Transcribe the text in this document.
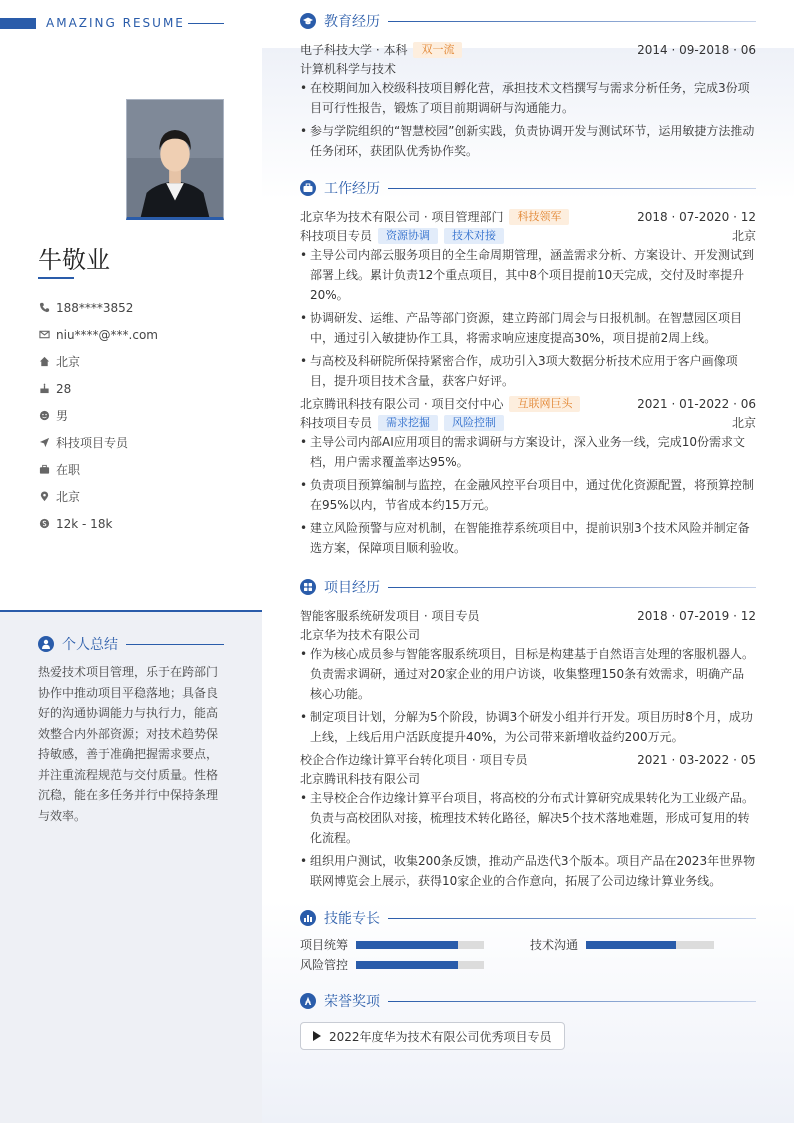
AMAZING RESUME
牛敬业
188****3852
niu****@***.com
北京
28
男
科技项目专员
在职
北京
12k - 18k
个人总结
热爱技术项目管理，乐于在跨部门协作中推动项目平稳落地；具备良好的沟通协调能力与执行力，能高效整合内外部资源；对技术趋势保持敏感，善于准确把握需求要点，并注重流程规范与交付质量。性格沉稳，能在多任务并行中保持条理与效率。
教育经历
电子科技大学 · 本科	双一流	2014 · 09-2018 · 06
计算机科学与技术
• 在校期间加入校级科技项目孵化营，承担技术文档撰写与需求分析任务，完成3份项目可行性报告，锻炼了项目前期调研与沟通能力。
• 参与学院组织的“智慧校园”创新实践，负责协调开发与测试环节，运用敏捷方法推动任务闭环，获团队优秀协作奖。
工作经历
北京华为技术有限公司 · 项目管理部门	科技领军	2018 · 07-2020 · 12
科技项目专员	资源协调	技术对接	北京
• 主导公司内部云服务项目的全生命周期管理，涵盖需求分析、方案设计、开发测试到部署上线。累计负责12个重点项目，其中8个项目提前10天完成，交付及时率提升20%。
• 协调研发、运维、产品等部门资源，建立跨部门周会与日报机制。在智慧园区项目中，通过引入敏捷协作工具，将需求响应速度提高30%，项目提前2周上线。
• 与高校及科研院所保持紧密合作，成功引入3项大数据分析技术应用于客户画像项目，提升项目技术含量，获客户好评。
北京腾讯科技有限公司 · 项目交付中心	互联网巨头	2021 · 01-2022 · 06
科技项目专员	需求挖掘	风险控制	北京
• 主导公司内部AI应用项目的需求调研与方案设计，深入业务一线，完成10份需求文档，用户需求覆盖率达95%。
• 负责项目预算编制与监控，在金融风控平台项目中，通过优化资源配置，将预算控制在95%以内，节省成本约15万元。
• 建立风险预警与应对机制，在智能推荐系统项目中，提前识别3个技术风险并制定备选方案，保障项目顺利验收。
项目经历
智能客服系统研发项目 · 项目专员	2018 · 07-2019 · 12
北京华为技术有限公司
• 作为核心成员参与智能客服系统项目，目标是构建基于自然语言处理的客服机器人。负责需求调研，通过对20家企业的用户访谈，收集整理150条有效需求，明确产品核心功能。
• 制定项目计划，分解为5个阶段，协调3个研发小组并行开发。项目历时8个月，成功上线，上线后用户活跃度提升40%，为公司带来新增收益约200万元。
校企合作边缘计算平台转化项目 · 项目专员	2021 · 03-2022 · 05
北京腾讯科技有限公司
• 主导校企合作边缘计算平台项目，将高校的分布式计算研究成果转化为工业级产品。负责与高校团队对接，梳理技术转化路径，解决5个技术落地难题，形成可复用的转化流程。
• 组织用户测试，收集200条反馈，推动产品迭代3个版本。项目产品在2023年世界物联网博览会上展示，获得10家企业的合作意向，拓展了公司边缘计算业务线。
技能专长
项目统筹	技术沟通
风险管控
荣誉奖项
2022年度华为技术有限公司优秀项目专员
